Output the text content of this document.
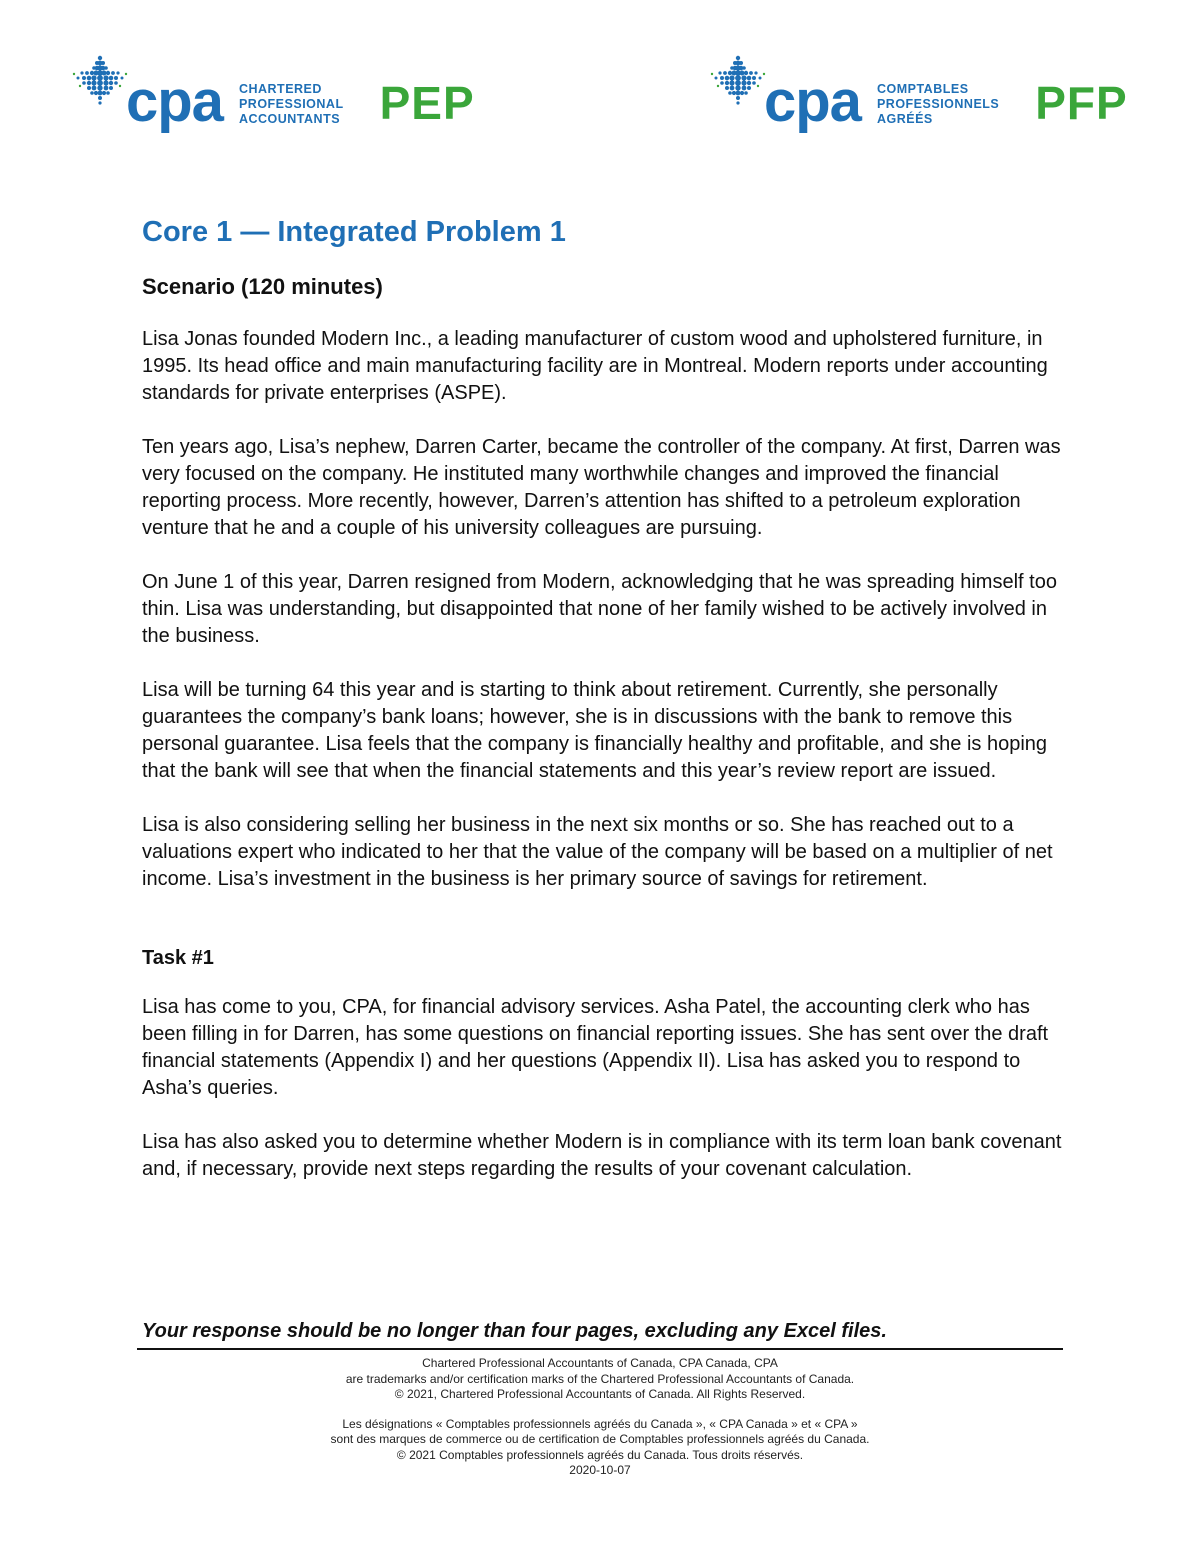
cpa CHARTERED
PROFESSIONAL
ACCOUNTANTS PEP	cpa COMPTABLES
PROFESSIONNELS
AGRÉÉS	PFP
Core 1 — Integrated Problem 1
Scenario (120 minutes)

Lisa Jonas founded Modern Inc., a leading manufacturer of custom wood and upholstered furniture, in 1995. Its head office and main manufacturing facility are in Montreal. Modern reports under accounting standards for private enterprises (ASPE).

Ten years ago, Lisa’s nephew, Darren Carter, became the controller of the company. At first, Darren was very focused on the company. He instituted many worthwhile changes and improved the financial reporting process. More recently, however, Darren’s attention has shifted to a petroleum exploration venture that he and a couple of his university colleagues are pursuing.

On June 1 of this year, Darren resigned from Modern, acknowledging that he was spreading himself too thin. Lisa was understanding, but disappointed that none of her family wished to be actively involved in the business.

Lisa will be turning 64 this year and is starting to think about retirement. Currently, she personally guarantees the company’s bank loans; however, she is in discussions with the bank to remove this personal guarantee. Lisa feels that the company is financially healthy and profitable, and she is hoping that the bank will see that when the financial statements and this year’s review report are issued.

Lisa is also considering selling her business in the next six months or so. She has reached out to a valuations expert who indicated to her that the value of the company will be based on a multiplier of net income. Lisa’s investment in the business is her primary source of savings for retirement.

Task #1

Lisa has come to you, CPA, for financial advisory services. Asha Patel, the accounting clerk who has been filling in for Darren, has some questions on financial reporting issues. She has sent over the draft financial statements (Appendix I) and her questions (Appendix II). Lisa has asked you to respond to Asha’s queries.

Lisa has also asked you to determine whether Modern is in compliance with its term loan bank covenant and, if necessary, provide next steps regarding the results of your covenant calculation.

Your response should be no longer than four pages, excluding any Excel files.
Chartered Professional Accountants of Canada, CPA Canada, CPA
are trademarks and/or certification marks of the Chartered Professional Accountants of Canada.
© 2021, Chartered Professional Accountants of Canada. All Rights Reserved.
Les désignations « Comptables professionnels agréés du Canada », « CPA Canada » et « CPA »
sont des marques de commerce ou de certification de Comptables professionnels agréés du Canada.
© 2021 Comptables professionnels agréés du Canada. Tous droits réservés.
2020-10-07
